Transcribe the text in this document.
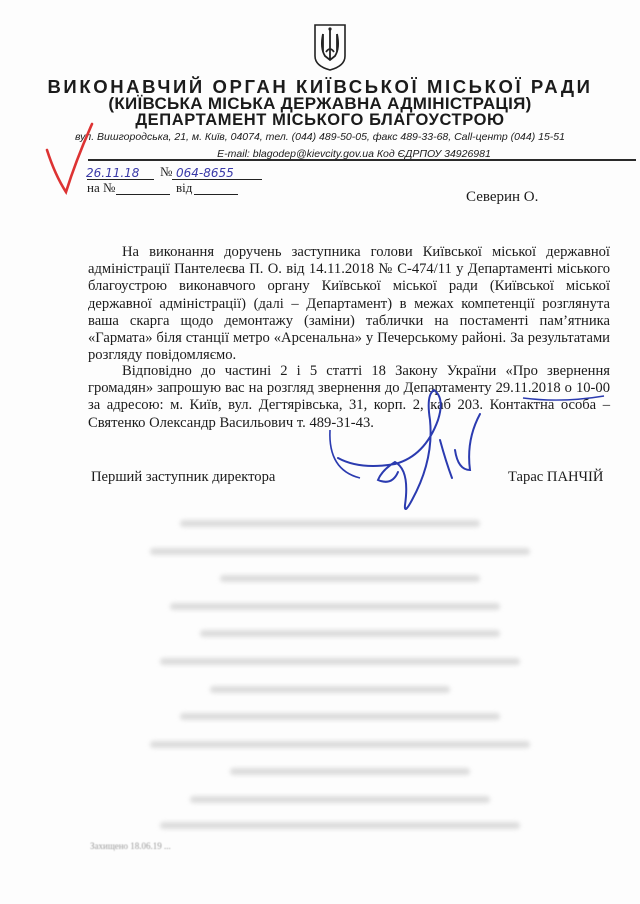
ВИКОНАВЧИЙ ОРГАН КИЇВСЬКОЇ МІСЬКОЇ РАДИ
(КИЇВСЬКА МІСЬКА ДЕРЖАВНА АДМІНІСТРАЦІЯ)
ДЕПАРТАМЕНТ МІСЬКОГО БЛАГОУСТРОЮ
вул. Вишгородська, 21, м. Київ, 04074, тел. (044) 489-50-05, факс 489-33-68, Call-центр (044) 15-51
E-mail: blagodep@kievcity.gov.ua Код ЄДРПОУ 34926981
26.11.18 № 064-8655
на №	від
Северин О.

На виконання доручень заступника голови Київської міської державної адміністрації Пантелеєва П. О. від 14.11.2018 № С-474/11 у Департаменті міського благоустрою виконавчого органу Київської міської ради (Київської міської державної адміністрації) (далі – Департамент) в межах компетенції розглянута ваша скарга щодо демонтажу (заміни) таблички на постаменті пам’ятника «Гармата» біля станції метро «Арсенальна» у Печерському районі. За результатами розгляду повідомляємо.

Відповідно до частині 2 і 5 статті 18 Закону України «Про звернення громадян» запрошую вас на розгляд звернення до Департаменту 29.11.2018 о 10-00 за адресою: м. Київ, вул. Дегтярівська, 31, корп. 2, каб 203. Контактна особа – Святенко Олександр Васильович т. 489-31-43.

Перший заступник директора	Тарас ПАНЧІЙ
Захищено 18.06.19 ...
